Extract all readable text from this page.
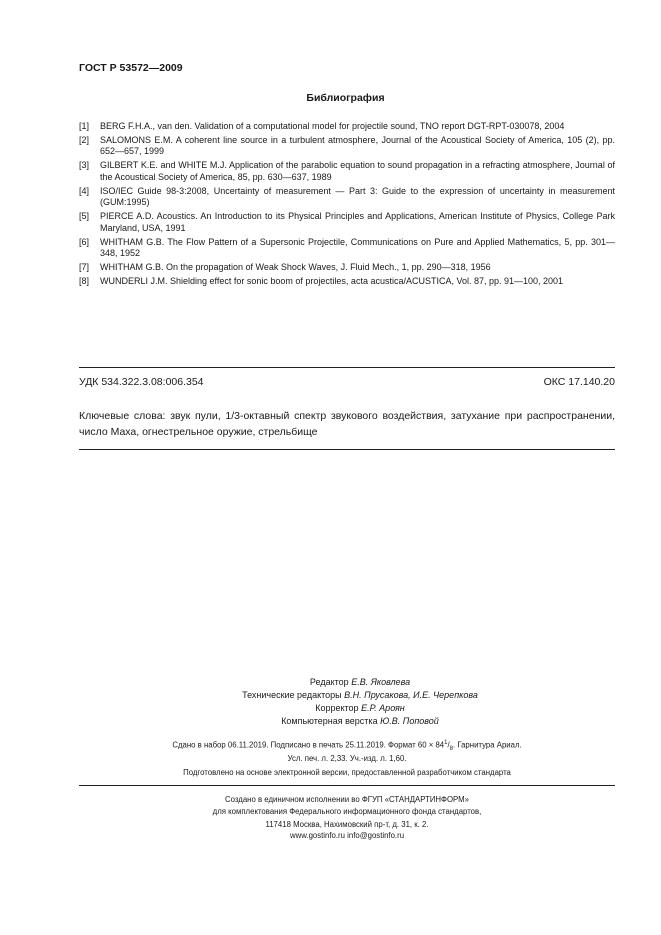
ГОСТ Р 53572—2009
Библиография
[1]	BERG F.H.A., van den. Validation of a computational model for projectile sound, TNO report DGT-RPT-030078, 2004
[2]	SALOMONS E.M. A coherent line source in a turbulent atmosphere, Journal of the Acoustical Society of America, 105 (2), pp. 652—657, 1999
[3]	GILBERT K.E. and WHITE M.J. Application of the parabolic equation to sound propagation in a refracting atmosphere, Journal of the Acoustical Society of America, 85, pp. 630—637, 1989
[4]	ISO/IEC Guide 98-3:2008, Uncertainty of measurement — Part 3: Guide to the expression of uncertainty in measurement (GUM:1995)
[5]	PIERCE A.D. Acoustics. An Introduction to its Physical Principles and Applications, American Institute of Physics, College Park Maryland, USA, 1991
[6]	WHITHAM G.B. The Flow Pattern of a Supersonic Projectile, Communications on Pure and Applied Mathematics, 5, pp. 301—348, 1952
[7]	WHITHAM G.B. On the propagation of Weak Shock Waves, J. Fluid Mech., 1, pp. 290—318, 1956
[8]	WUNDERLI J.M. Shielding effect for sonic boom of projectiles, acta acustica/ACUSTICA, Vol. 87, pp. 91—100, 2001
УДК 534.322.3.08:006.354	ОКС 17.140.20
Ключевые слова: звук пули, 1/3-октавный спектр звукового воздействия, затухание при распространении, число Маха, огнестрельное оружие, стрельбище
Редактор Е.В. Яковлева
Технические редакторы В.Н. Прусакова, И.Е. Черепкова
Корректор Е.Р. Ароян
Компьютерная верстка Ю.В. Поповой
Сдано в набор 06.11.2019. Подписано в печать 25.11.2019. Формат $60 \times 84^1/_8$. Гарнитура Ариал.
Усл. печ. л. 2,33. Уч.-изд. л. 1,60.
Подготовлено на основе электронной версии, предоставленной разработчиком стандарта
Создано в единичном исполнении во ФГУП «СТАНДАРТИНФОРМ»
для комплектования Федерального информационного фонда стандартов,
117418 Москва, Нахимовский пр-т, д. 31, к. 2.
www.gostinfo.ru info@gostinfo.ru
